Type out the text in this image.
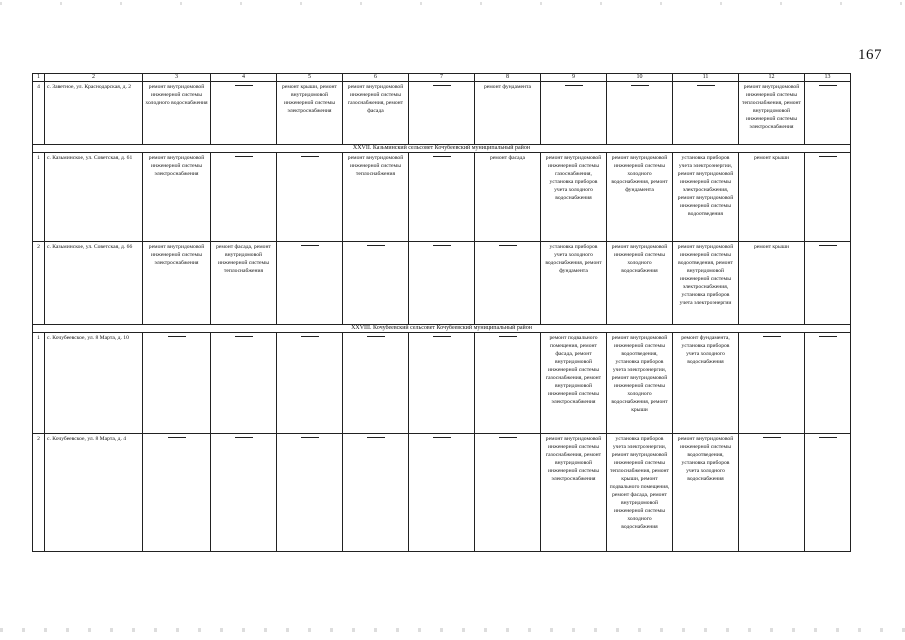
167
1	2	3	4	5	6	7	8	9	10	11	12	13
4	с. Заветное, ул. Краснодарская, д. 2	ремонт внутридомовой инженерной системы холодного водоснабжения		ремонт крыши, ремонт внутридомовой инженерной системы электроснабжения	ремонт внутридомовой инженерной системы газоснабжения, ремонт фасада		ремонт фундамента				ремонт внутридомовой инженерной системы теплоснабжения, ремонт внутридомовой инженерной системы электроснабжения	

XXVII. Казьминский сельсовет Кочубеевский муниципальный район												
1	с. Казьминское, ул. Советская, д. 61	ремонт внутридомовой инженерной системы электроснабжения			ремонт внутридомовой инженерной системы теплоснабжения		ремонт фасада	ремонт внутридомовой инженерной системы газоснабжения, установка приборов учета холодного водоснабжения	ремонт внутридомовой инженерной системы холодного водоснабжения, ремонт фундамента	установка приборов учета электроэнергии, ремонт внутридомовой инженерной системы электроснабжения, ремонт внутридомовой инженерной системы водоотведения	ремонт крыши	

2	с. Казьминское, ул. Советская, д. 66	ремонт внутридомовой инженерной системы электроснабжения	ремонт фасада, ремонт внутридомовой инженерной системы теплоснабжения					установка приборов учета холодного водоснабжения, ремонт фундамента	ремонт внутридомовой инженерной системы холодного водоснабжения	ремонт внутридомовой инженерной системы водоотведения, ремонт внутридомовой инженерной системы электроснабжения, установка приборов учета электроэнергии	ремонт крыши	

XXVIII. Кочубеевский сельсовет Кочубеевский муниципальный район												
1	с. Кочубеевское, ул. 8 Марта, д. 10							ремонт подвального помещения, ремонт фасада, ремонт внутридомовой инженерной системы газоснабжения, ремонт внутридомовой инженерной системы электроснабжения	ремонт внутридомовой инженерной системы водоотведения, установка приборов учета электроэнергии, ремонт внутридомовой инженерной системы холодного водоснабжения, ремонт крыши	ремонт фундамента, установка приборов учета холодного водоснабжения	

2	с. Кочубеевское, ул. 8 Марта, д. 4							ремонт внутридомовой инженерной системы газоснабжения, ремонт внутридомовой инженерной системы электроснабжения	установка приборов учета электроэнергии, ремонт внутридомовой инженерной системы теплоснабжения, ремонт крыши, ремонт подвального помещения, ремонт фасада, ремонт внутридомовой инженерной системы холодного водоснабжения	ремонт внутридомовой инженерной системы водоотведения, установка приборов учета холодного водоснабжения	
